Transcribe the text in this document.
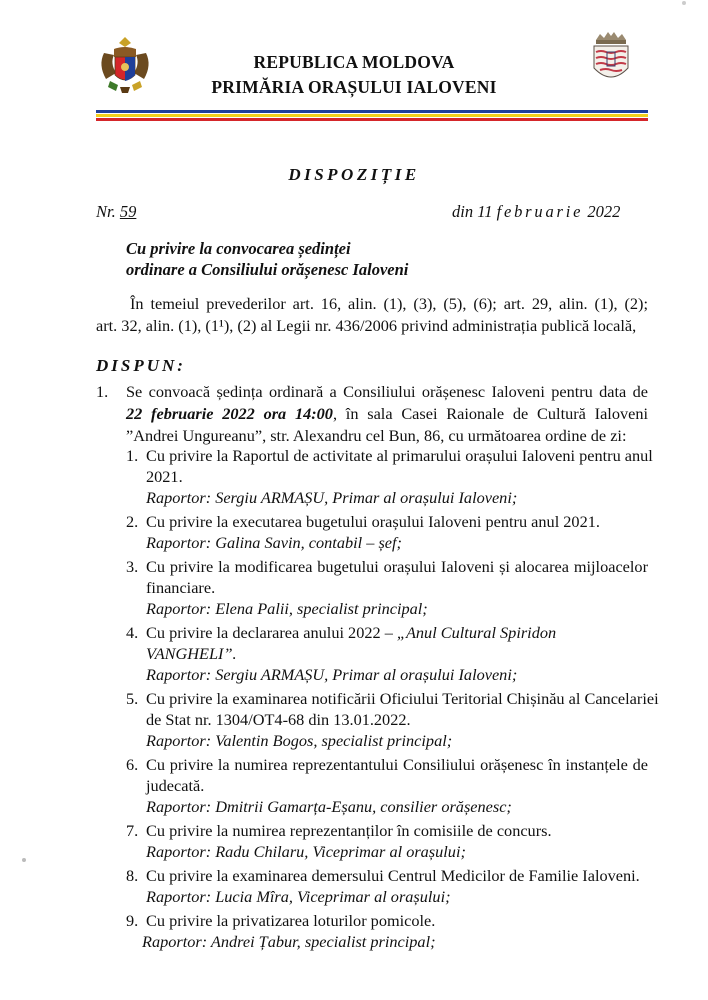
REPUBLICA MOLDOVA
PRIMĂRIA ORAȘULUI IALOVENI
DISPOZIȚIE
Nr. 59	din 11 februarie 2022
Cu privire la convocarea ședinței
ordinare a Consiliului orășenesc Ialoveni
În temeiul prevederilor art. 16, alin. (1), (3), (5), (6); art. 29, alin. (1), (2);
art. 32, alin. (1), (1¹), (2) al Legii nr. 436/2006 privind administrația publică locală,
DISPUN:
1. Se convoacă ședința ordinară a Consiliului orășenesc Ialoveni pentru data de
22 februarie 2022 ora 14:00, în sala Casei Raionale de Cultură Ialoveni
”Andrei Ungureanu”, str. Alexandru cel Bun, 86, cu următoarea ordine de zi:
1. Cu privire la Raportul de activitate al primarului orașului Ialoveni pentru anul
2021.
Raportor: Sergiu ARMAȘU, Primar al orașului Ialoveni;
2. Cu privire la executarea bugetului orașului Ialoveni pentru anul 2021.
Raportor: Galina Savin, contabil – șef;
3. Cu privire la modificarea bugetului orașului Ialoveni și alocarea mijloacelor
financiare.
Raportor: Elena Palii, specialist principal;
4. Cu privire la declararea anului 2022 – „Anul Cultural Spiridon VANGHELI”.
Raportor: Sergiu ARMAȘU, Primar al orașului Ialoveni;
5. Cu privire la examinarea notificării Oficiului Teritorial Chișinău al Cancelariei
de Stat nr. 1304/OT4-68 din 13.01.2022.
Raportor: Valentin Bogos, specialist principal;
6. Cu privire la numirea reprezentantului Consiliului orășenesc în instanțele de
judecată.
Raportor: Dmitrii Gamarța-Eșanu, consilier orășenesc;
7. Cu privire la numirea reprezentanților în comisiile de concurs.
Raportor: Radu Chilaru, Viceprimar al orașului;
8. Cu privire la examinarea demersului Centrul Medicilor de Familie Ialoveni.
Raportor: Lucia Mîra, Viceprimar al orașului;
9. Cu privire la privatizarea loturilor pomicole.
Raportor: Andrei Țabur, specialist principal;
